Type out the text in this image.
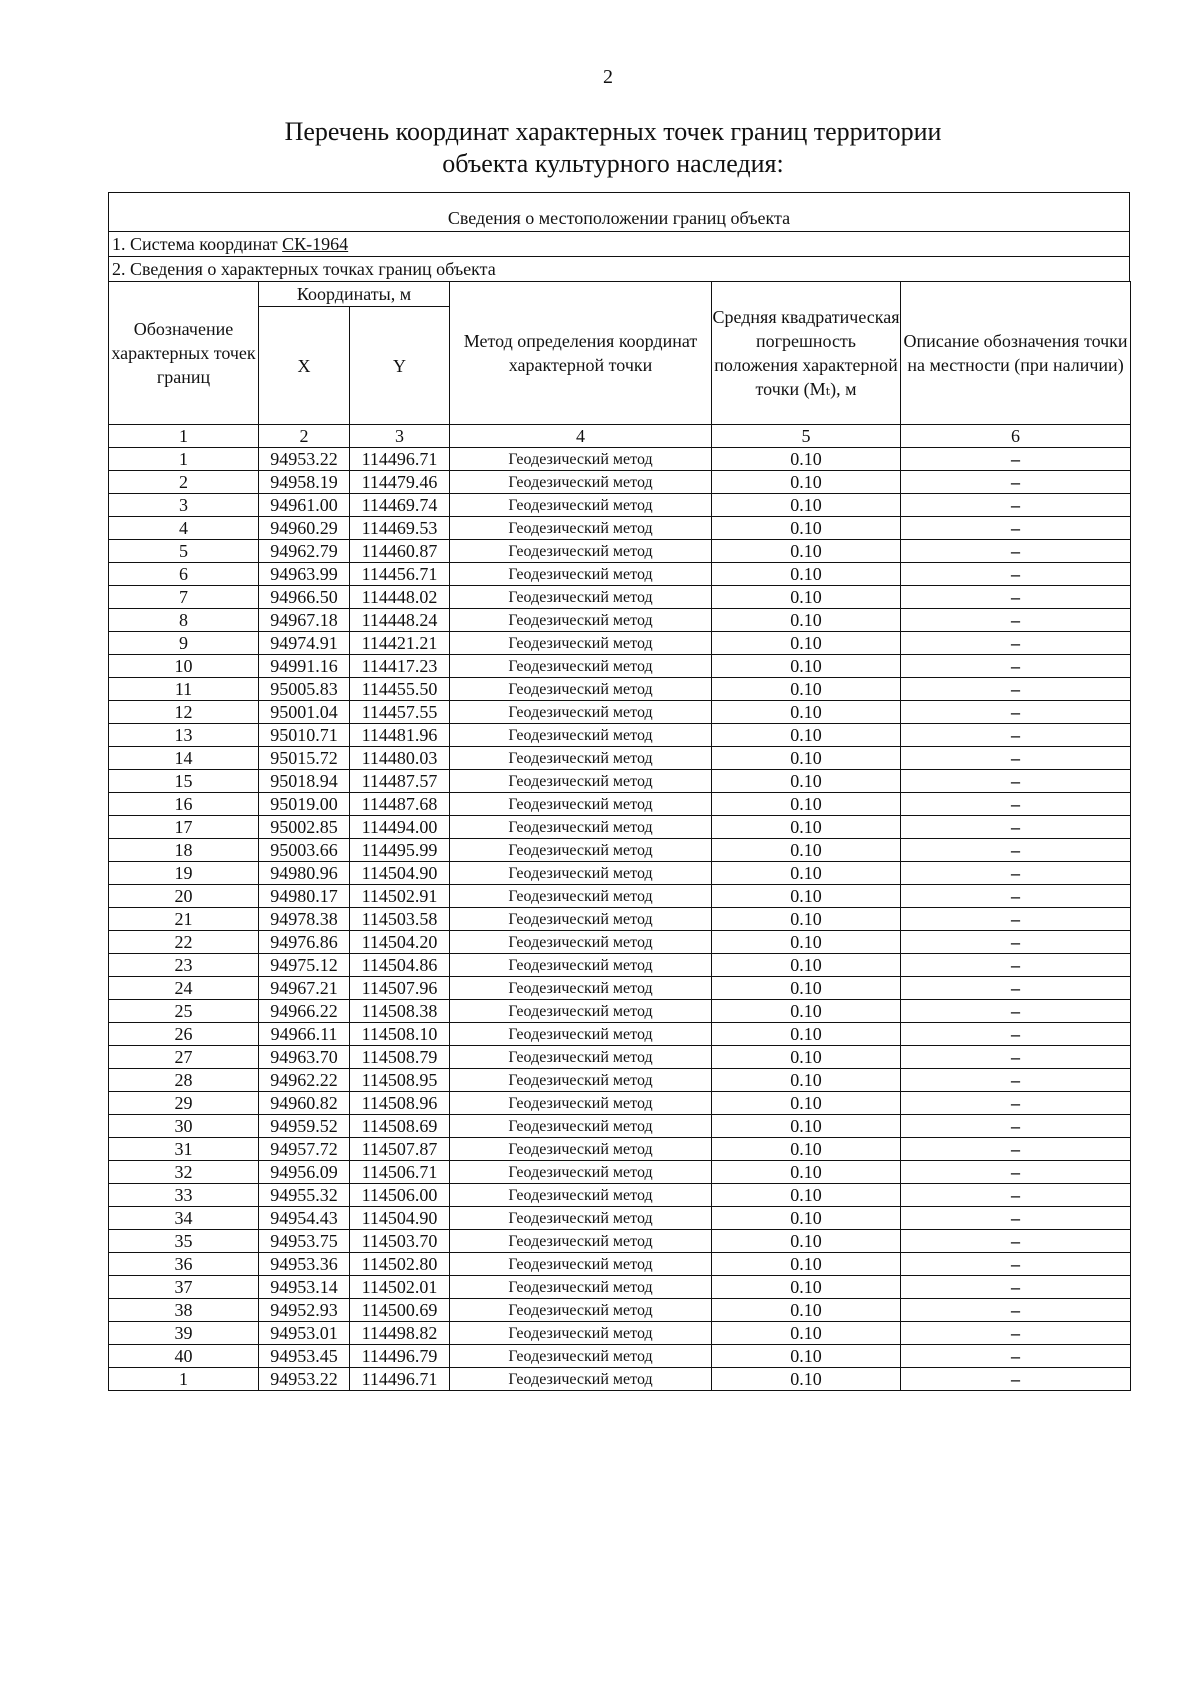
2
Перечень координат характерных точек границ территории
объекта культурного наследия:
Сведения о местоположении границ объекта
1. Система координат СК-1964
2. Сведения о характерных точках границ объекта
Обозначение характерных точек границ	Координаты, м		Метод определения координат характерной точки	Средняя квадратическая погрешность положения характерной точки (Mₜ), м	Описание обозначения точки на местности (при наличии)
	X	Y			
1	2	3	4	5	6
1	94953.22	114496.71	Геодезический метод	0.10	–
2	94958.19	114479.46	Геодезический метод	0.10	–
3	94961.00	114469.74	Геодезический метод	0.10	–
4	94960.29	114469.53	Геодезический метод	0.10	–
5	94962.79	114460.87	Геодезический метод	0.10	–
6	94963.99	114456.71	Геодезический метод	0.10	–
7	94966.50	114448.02	Геодезический метод	0.10	–
8	94967.18	114448.24	Геодезический метод	0.10	–
9	94974.91	114421.21	Геодезический метод	0.10	–
10	94991.16	114417.23	Геодезический метод	0.10	–
11	95005.83	114455.50	Геодезический метод	0.10	–
12	95001.04	114457.55	Геодезический метод	0.10	–
13	95010.71	114481.96	Геодезический метод	0.10	–
14	95015.72	114480.03	Геодезический метод	0.10	–
15	95018.94	114487.57	Геодезический метод	0.10	–
16	95019.00	114487.68	Геодезический метод	0.10	–
17	95002.85	114494.00	Геодезический метод	0.10	–
18	95003.66	114495.99	Геодезический метод	0.10	–
19	94980.96	114504.90	Геодезический метод	0.10	–
20	94980.17	114502.91	Геодезический метод	0.10	–
21	94978.38	114503.58	Геодезический метод	0.10	–
22	94976.86	114504.20	Геодезический метод	0.10	–
23	94975.12	114504.86	Геодезический метод	0.10	–
24	94967.21	114507.96	Геодезический метод	0.10	–
25	94966.22	114508.38	Геодезический метод	0.10	–
26	94966.11	114508.10	Геодезический метод	0.10	–
27	94963.70	114508.79	Геодезический метод	0.10	–
28	94962.22	114508.95	Геодезический метод	0.10	–
29	94960.82	114508.96	Геодезический метод	0.10	–
30	94959.52	114508.69	Геодезический метод	0.10	–
31	94957.72	114507.87	Геодезический метод	0.10	–
32	94956.09	114506.71	Геодезический метод	0.10	–
33	94955.32	114506.00	Геодезический метод	0.10	–
34	94954.43	114504.90	Геодезический метод	0.10	–
35	94953.75	114503.70	Геодезический метод	0.10	–
36	94953.36	114502.80	Геодезический метод	0.10	–
37	94953.14	114502.01	Геодезический метод	0.10	–
38	94952.93	114500.69	Геодезический метод	0.10	–
39	94953.01	114498.82	Геодезический метод	0.10	–
40	94953.45	114496.79	Геодезический метод	0.10	–
1	94953.22	114496.71	Геодезический метод	0.10	–
